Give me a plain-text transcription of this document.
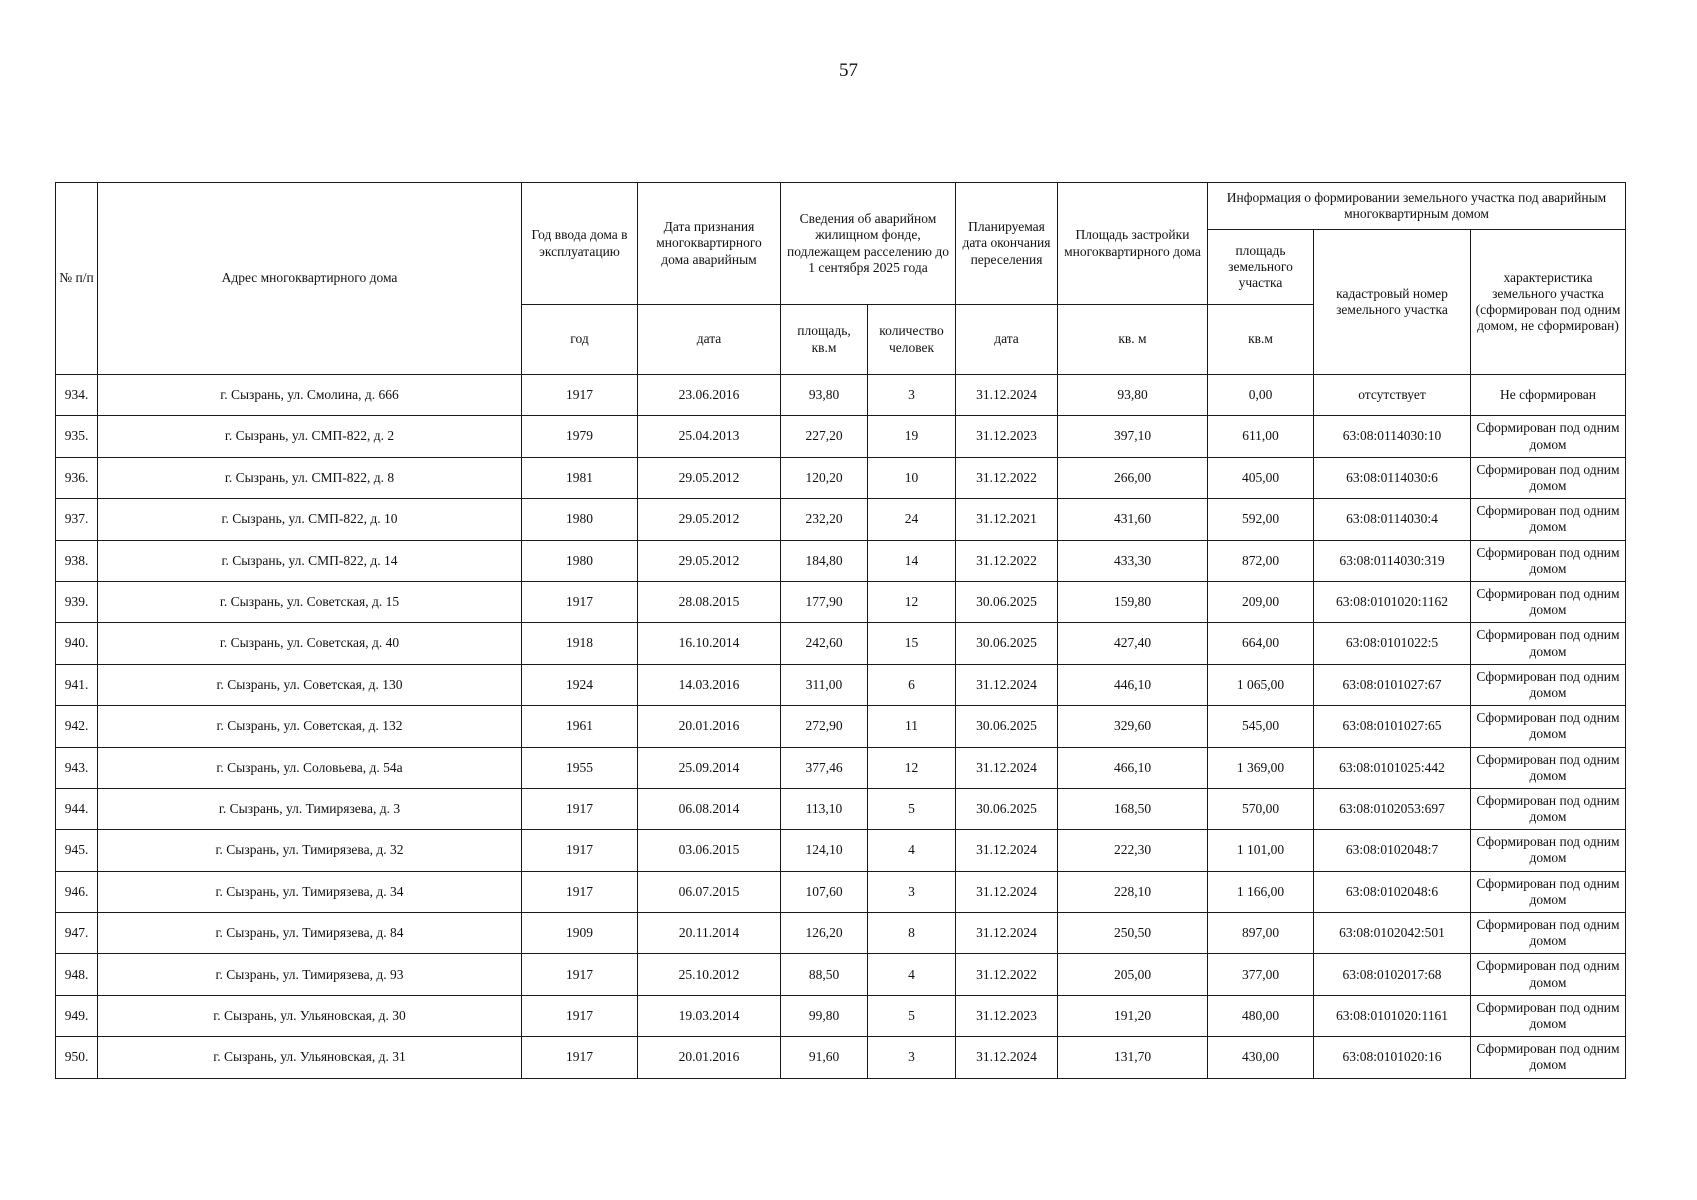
57
№ п/п	Адрес многоквартирного дома	Год ввода дома в эксплуатацию	Дата признания многоквартирного дома аварийным	Сведения об аварийном жилищном фонде, подлежащем расселению до 1 сентября 2025 года		Планируемая дата окончания переселения	Площадь застройки многоквартирного дома	Информация о формировании земельного участка под аварийным многоквартирным домом		
								площадь земельного участка	кадастровый номер земельного участка	характеристика земельного участка (сформирован под одним домом, не сформирован)
		год	дата	площадь, кв.м	количество человек	дата	кв. м	кв.м		
934.	г. Сызрань, ул. Смолина, д. 666	1917	23.06.2016	93,80	3	31.12.2024	93,80	0,00	отсутствует	Не сформирован
935.	г. Сызрань, ул. СМП-822, д. 2	1979	25.04.2013	227,20	19	31.12.2023	397,10	611,00	63:08:0114030:10	Сформирован под одним домом
936.	г. Сызрань, ул. СМП-822, д. 8	1981	29.05.2012	120,20	10	31.12.2022	266,00	405,00	63:08:0114030:6	Сформирован под одним домом
937.	г. Сызрань, ул. СМП-822, д. 10	1980	29.05.2012	232,20	24	31.12.2021	431,60	592,00	63:08:0114030:4	Сформирован под одним домом
938.	г. Сызрань, ул. СМП-822, д. 14	1980	29.05.2012	184,80	14	31.12.2022	433,30	872,00	63:08:0114030:319	Сформирован под одним домом
939.	г. Сызрань, ул. Советская, д. 15	1917	28.08.2015	177,90	12	30.06.2025	159,80	209,00	63:08:0101020:1162	Сформирован под одним домом
940.	г. Сызрань, ул. Советская, д. 40	1918	16.10.2014	242,60	15	30.06.2025	427,40	664,00	63:08:0101022:5	Сформирован под одним домом
941.	г. Сызрань, ул. Советская, д. 130	1924	14.03.2016	311,00	6	31.12.2024	446,10	1 065,00	63:08:0101027:67	Сформирован под одним домом
942.	г. Сызрань, ул. Советская, д. 132	1961	20.01.2016	272,90	11	30.06.2025	329,60	545,00	63:08:0101027:65	Сформирован под одним домом
943.	г. Сызрань, ул. Соловьева, д. 54а	1955	25.09.2014	377,46	12	31.12.2024	466,10	1 369,00	63:08:0101025:442	Сформирован под одним домом
944.	г. Сызрань, ул. Тимирязева, д. 3	1917	06.08.2014	113,10	5	30.06.2025	168,50	570,00	63:08:0102053:697	Сформирован под одним домом
945.	г. Сызрань, ул. Тимирязева, д. 32	1917	03.06.2015	124,10	4	31.12.2024	222,30	1 101,00	63:08:0102048:7	Сформирован под одним домом
946.	г. Сызрань, ул. Тимирязева, д. 34	1917	06.07.2015	107,60	3	31.12.2024	228,10	1 166,00	63:08:0102048:6	Сформирован под одним домом
947.	г. Сызрань, ул. Тимирязева, д. 84	1909	20.11.2014	126,20	8	31.12.2024	250,50	897,00	63:08:0102042:501	Сформирован под одним домом
948.	г. Сызрань, ул. Тимирязева, д. 93	1917	25.10.2012	88,50	4	31.12.2022	205,00	377,00	63:08:0102017:68	Сформирован под одним домом
949.	г. Сызрань, ул. Ульяновская, д. 30	1917	19.03.2014	99,80	5	31.12.2023	191,20	480,00	63:08:0101020:1161	Сформирован под одним домом
950.	г. Сызрань, ул. Ульяновская, д. 31	1917	20.01.2016	91,60	3	31.12.2024	131,70	430,00	63:08:0101020:16	Сформирован под одним домом
